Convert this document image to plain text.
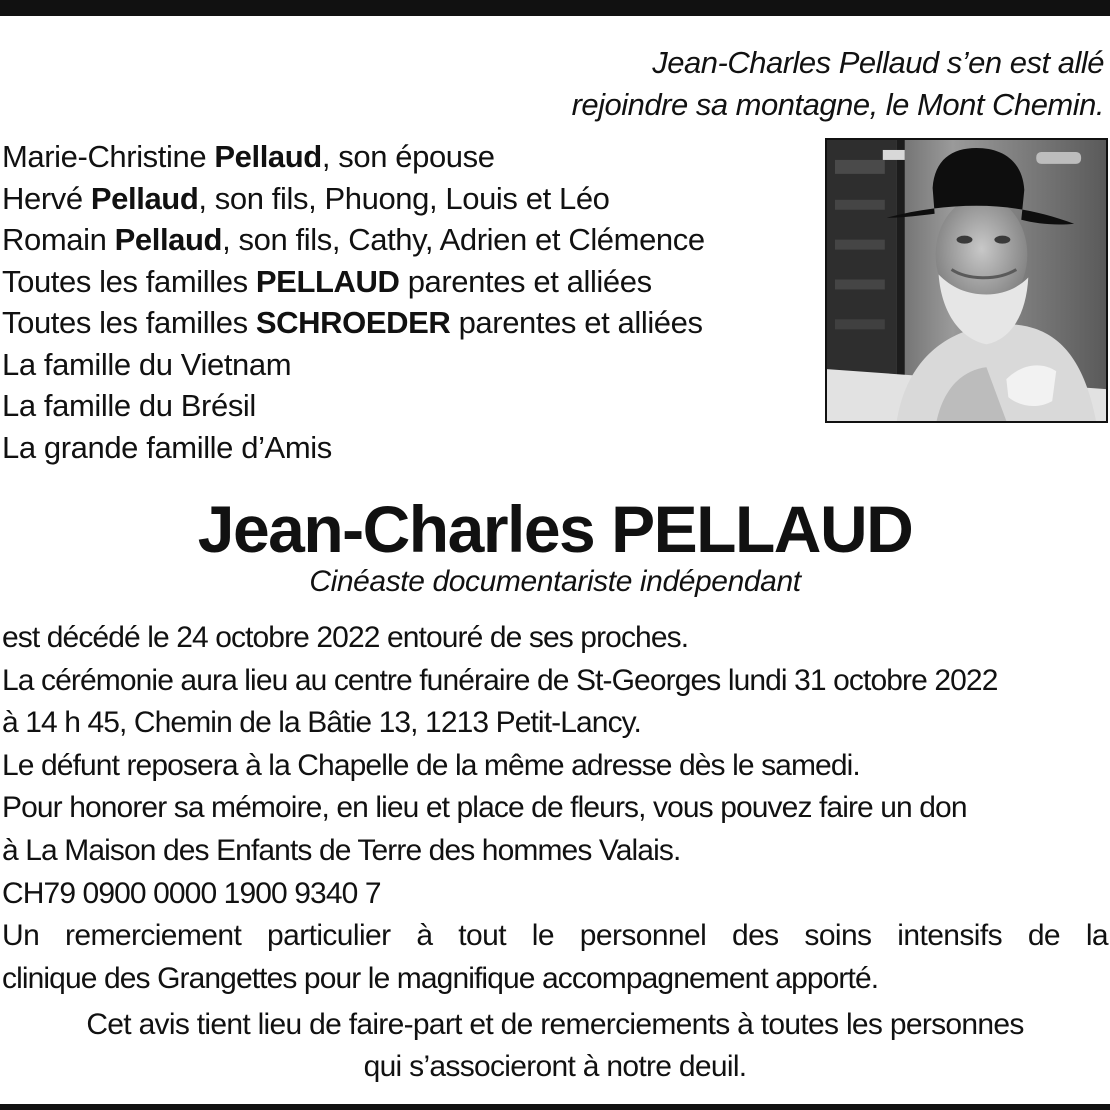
Jean-Charles Pellaud s’en est allé
rejoindre sa montagne, le Mont Chemin.
Marie-Christine Pellaud, son épouse
Hervé Pellaud, son fils, Phuong, Louis et Léo
Romain Pellaud, son fils, Cathy, Adrien et Clémence
Toutes les familles PELLAUD parentes et alliées
Toutes les familles SCHROEDER parentes et alliées
La famille du Vietnam
La famille du Brésil
La grande famille d’Amis
Jean-Charles PELLAUD
Cinéaste documentariste indépendant
est décédé le 24 octobre 2022 entouré de ses proches.
La cérémonie aura lieu au centre funéraire de St-Georges lundi 31 octobre 2022
à 14 h 45, Chemin de la Bâtie 13, 1213 Petit-Lancy.
Le défunt reposera à la Chapelle de la même adresse dès le samedi.
Pour honorer sa mémoire, en lieu et place de fleurs, vous pouvez faire un don
à La Maison des Enfants de Terre des hommes Valais.
CH79 0900 0000 1900 9340 7
Un remerciement particulier à tout le personnel des soins intensifs de la
clinique des Grangettes pour le magnifique accompagnement apporté.
Cet avis tient lieu de faire-part et de remerciements à toutes les personnes
qui s’associeront à notre deuil.
